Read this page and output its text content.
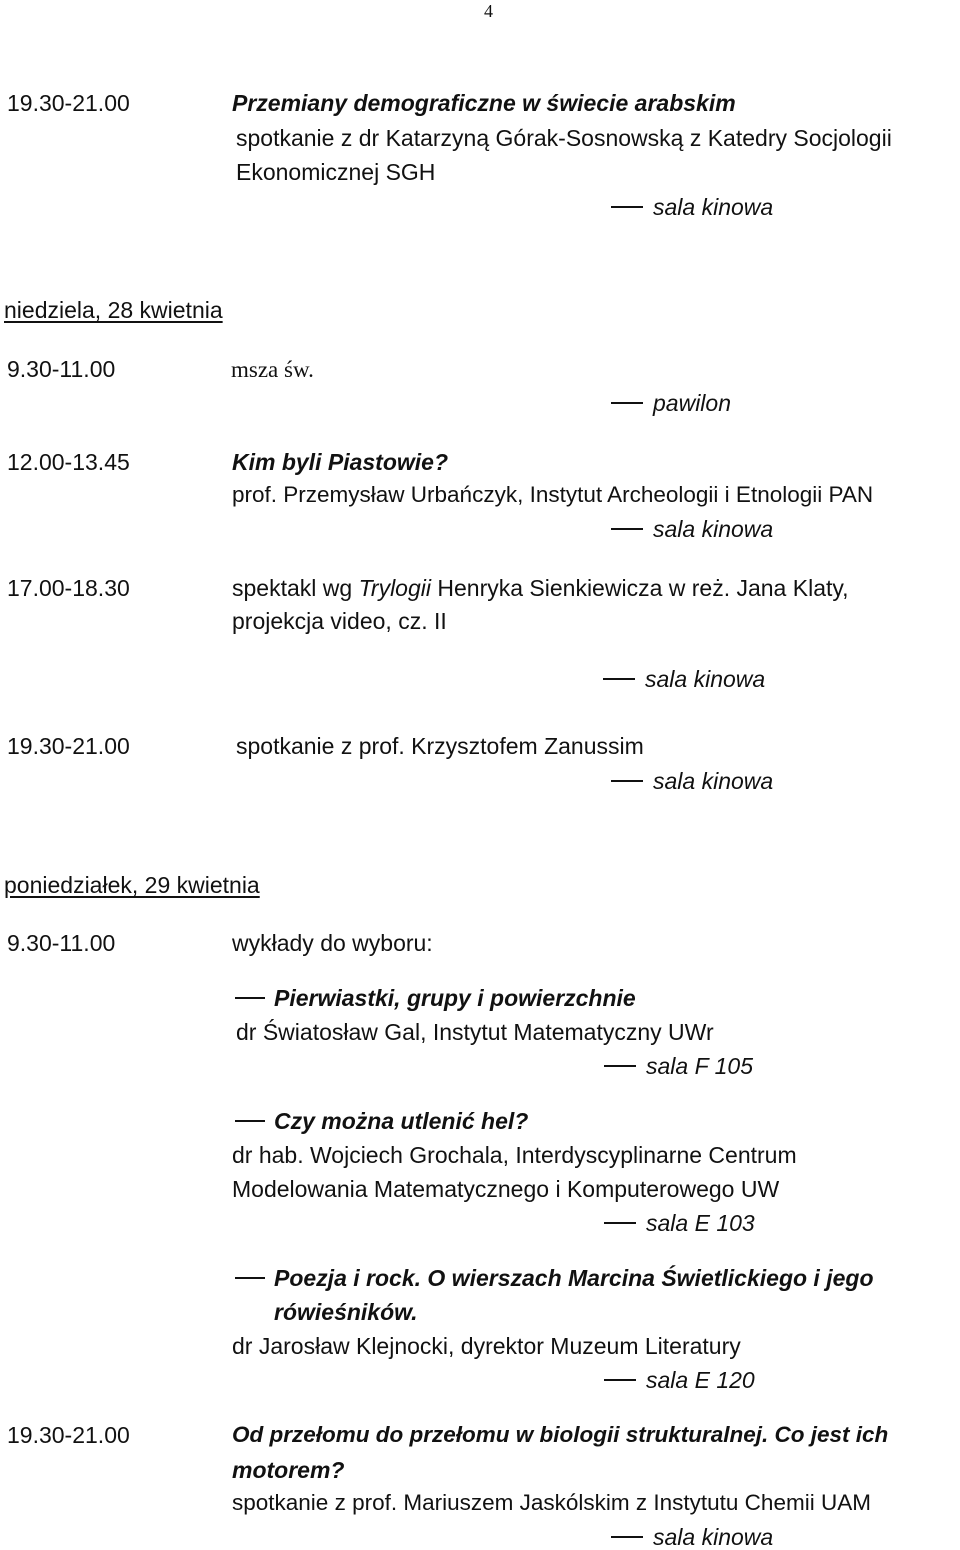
4
19.30-21.00	Przemiany demograficzne w świecie arabskim
spotkanie z dr Katarzyną Górak-Sosnowską z Katedry Socjologii
Ekonomicznej SGH
sala kinowa
niedziela, 28 kwietnia
9.30-11.00	msza św.
pawilon
12.00-13.45	Kim byli Piastowie?
prof. Przemysław Urbańczyk, Instytut Archeologii i Etnologii PAN
sala kinowa
17.00-18.30	spektakl wg Trylogii Henryka Sienkiewicza w reż. Jana Klaty,
projekcja video, cz. II
sala kinowa
19.30-21.00	spotkanie z prof. Krzysztofem Zanussim
sala kinowa
poniedziałek, 29 kwietnia
9.30-11.00	wykłady do wyboru:
Pierwiastki, grupy i powierzchnie
dr Światosław Gal, Instytut Matematyczny UWr
sala F 105
Czy można utlenić hel?
dr hab. Wojciech Grochala, Interdyscyplinarne Centrum
Modelowania Matematycznego i Komputerowego UW
sala E 103
Poezja i rock. O wierszach Marcina Świetlickiego i jego
rówieśników.
dr Jarosław Klejnocki, dyrektor Muzeum Literatury
sala E 120
19.30-21.00	Od przełomu do przełomu w biologii strukturalnej. Co jest ich
motorem?
spotkanie z prof. Mariuszem Jaskólskim z Instytutu Chemii UAM
sala kinowa
